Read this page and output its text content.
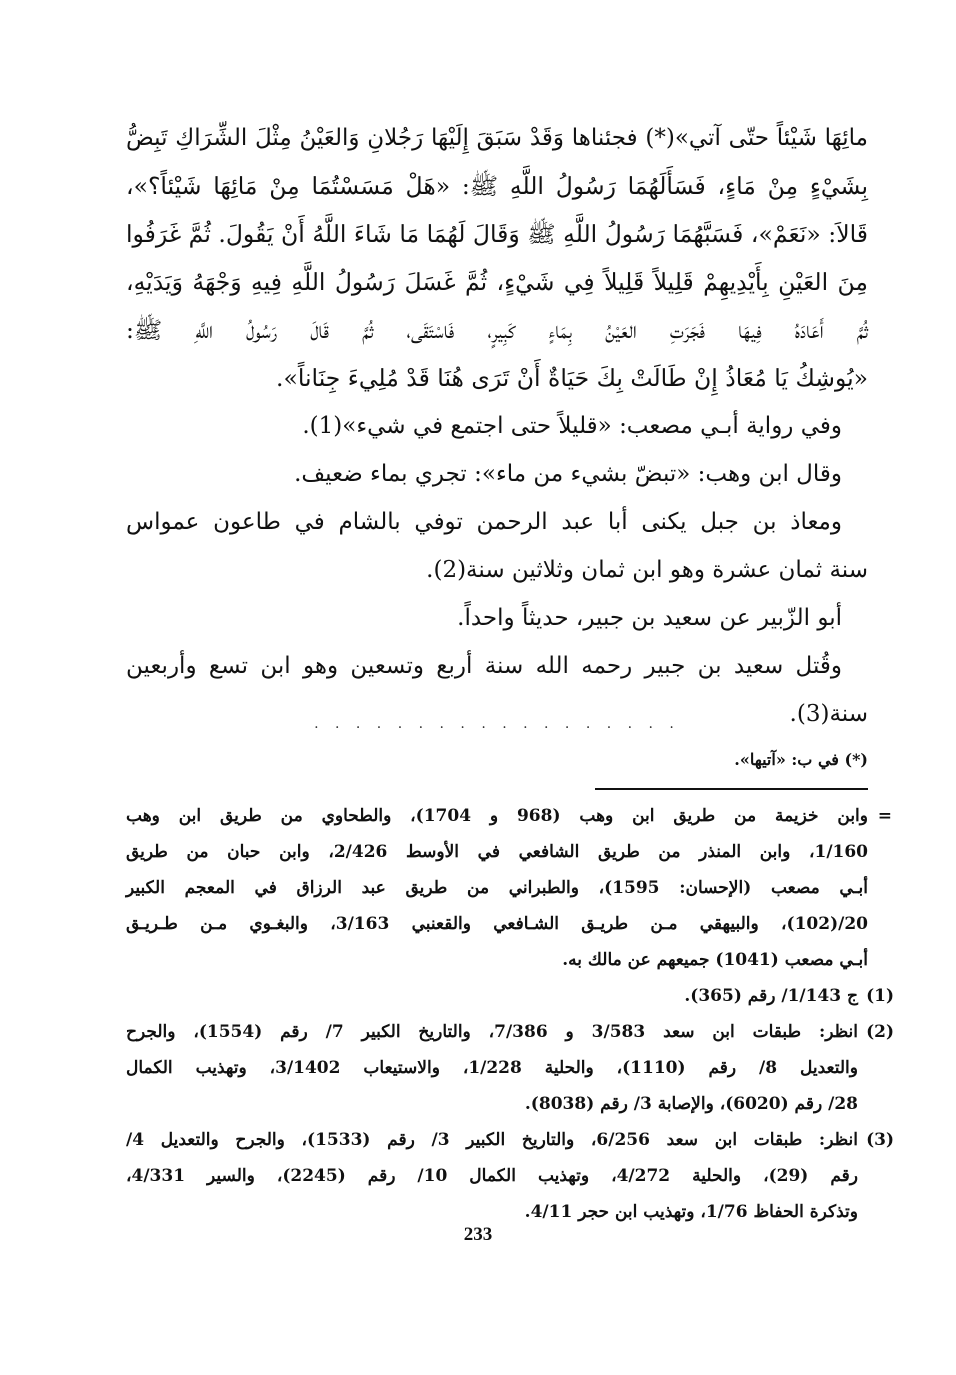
مائِهَا شَيْئاً حتّى آتي»(*) فجئناها وَقَدْ سَبَقَ إِلَيْهَا رَجُلانِ وَالعَيْنُ مِثْلَ الشِّرَاكِ تَبِضُّ
بِشَيْءٍ مِنْ مَاءٍ، فَسَأَلَهُمَا رَسُولُ اللَّهِ ﷺ: «هَلْ مَسَسْتُمَا مِنْ مَائِهَا شَيْئاً؟»،
قَالاَ: «نَعَمْ»، فَسَبَّهُمَا رَسُولُ اللَّهِ ﷺ وَقَالَ لَهُمَا مَا شَاءَ اللَّهُ أَنْ يَقُولَ. ثُمَّ غَرَفُوا
مِنَ العَيْنِ بِأَيْدِيهِمْ قَلِيلاً قَلِيلاً فِي شَيْءٍ، ثُمَّ غَسَلَ رَسُولُ اللَّهِ فِيهِ وَجْهَهُ وَيَدَيْهِ،
ثُمَّ أَعَادَهُ فِيهَا فَجَرَتِ العَيْنُ بِمَاءٍ كَبِيرٍ، فَاسْتَقَى، ثُمَّ قَالَ رَسُولُ اللَّهِ ﷺ:
«يُوشِكُ يَا مُعَاذُ إِنْ طَالَتْ بِكَ حَيَاةٌ أَنْ تَرَى هُنَا قَدْ مُلِيءَ جِنَاناً».

وفي رواية أبـي مصعب: «قليلاً حتى اجتمع في شيء»(1).

وقال ابن وهب: «تبضّ بشيء من ماء»: تجري بماء ضعيف.

ومعاذ بن جبل يكنى أبا عبد الرحمن توفي بالشام في طاعون عمواس
سنة ثمان عشرة وهو ابن ثمان وثلاثين سنة(2).

أبو الزّبير عن سعيد بن جبير، حديثاً واحداً.

وقُتل سعيد بن جبير رحمه الله سنة أربع وتسعين وهو ابن تسع وأربعين
سنة(3).

. . . . . . . . . . . . . . . . . .
(*) في ب: «آتيها».
=
وابن خزيمة من طريق ابن وهب (968 و 1704)، والطحاوي من طريق ابن وهب
1/160، وابن المنذر من طريق الشافعي في الأوسط 2/426، وابن حبان من طريق
أبـي مصعب (الإحسان: 1595)، والطبراني من طريق عبد الرزاق في المعجم الكبير
20/(102)، والبيهقي مـن طريـق الشـافعي والقعنبي 3/163، والبغـوي مـن طـريـق
أبـي مصعب (1041) جميعهم عن مالك به.
(1)
ج 1/143/ رقم (365).
(2)
انظر: طبقات ابن سعد 3/583 و 7/386، والتاريخ الكبير 7/ رقم (1554)، والجرح
والتعديل 8/ رقم (1110)، والحلية 1/228، والاستيعاب 3/1402، وتهذيب الكمال
28/ رقم (6020)، والإصابة 3/ رقم (8038).
(3)
انظر: طبقات ابن سعد 6/256، والتاريخ الكبير 3/ رقم (1533)، والجرح والتعديل 4/
رقم (29)، والحلية 4/272، وتهذيب الكمال 10/ رقم (2245)، والسير 4/331،
وتذكرة الحفاظ 1/76، وتهذيب ابن حجر 4/11.
233
